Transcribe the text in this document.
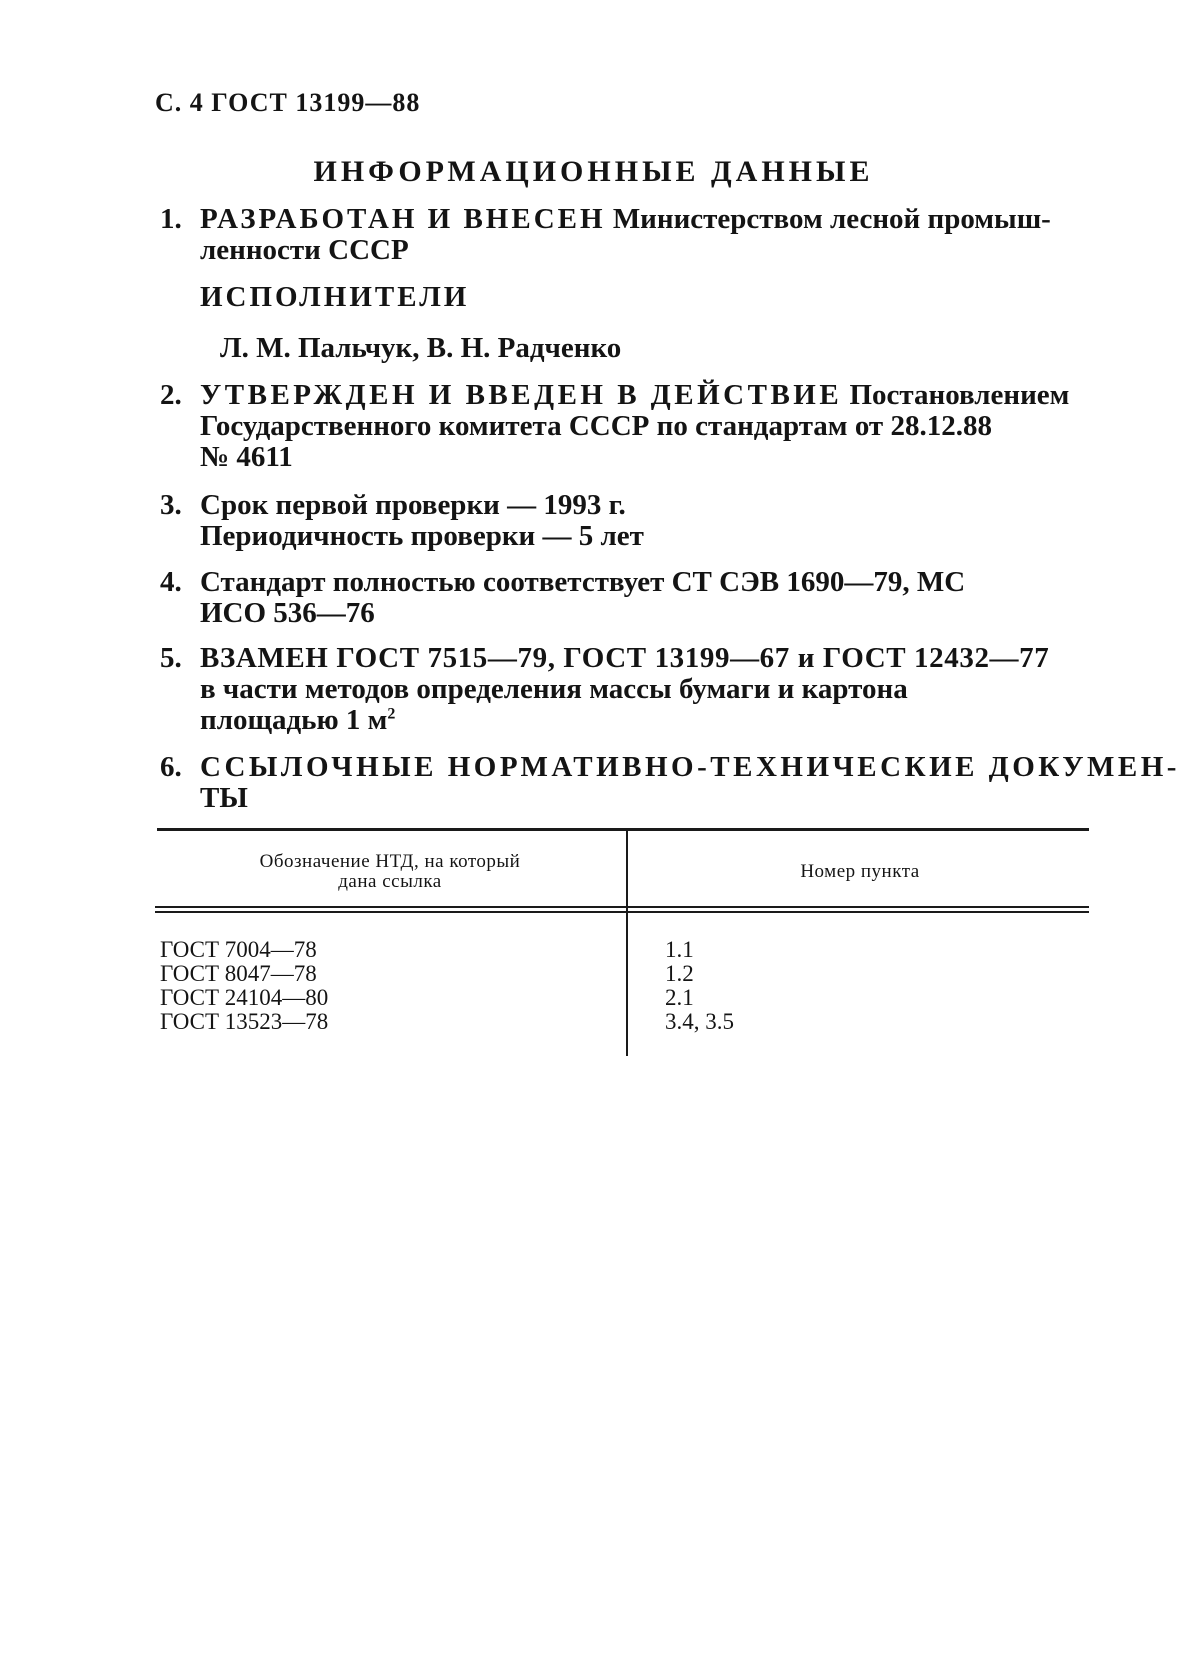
С. 4 ГОСТ 13199—88
ИНФОРМАЦИОННЫЕ ДАННЫЕ
1. РАЗРАБОТАН И ВНЕСЕН Министерством лесной промыш-
ленности СССР
ИСПОЛНИТЕЛИ
Л. М. Пальчук, В. Н. Радченко
2. УТВЕРЖДЕН И ВВЕДЕН В ДЕЙСТВИЕ Постановлением
Государственного комитета СССР по стандартам от 28.12.88
№ 4611
3. Срок первой проверки — 1993 г.
Периодичность проверки — 5 лет
4. Стандарт полностью соответствует СТ СЭВ 1690—79, МС
ИСО 536—76
5. ВЗАМЕН ГОСТ 7515—79, ГОСТ 13199—67 и ГОСТ 12432—77
в части методов определения массы бумаги и картона
площадью 1 $м^2$
6. ССЫЛОЧНЫЕ НОРМАТИВНО-ТЕХНИЧЕСКИЕ ДОКУМЕН-
ТЫ
Обозначение НТД, на который
дана ссылка	Номер пункта
ГОСТ 7004—78	1.1
ГОСТ 8047—78	1.2
ГОСТ 24104—80	2.1
ГОСТ 13523—78	3.4, 3.5
